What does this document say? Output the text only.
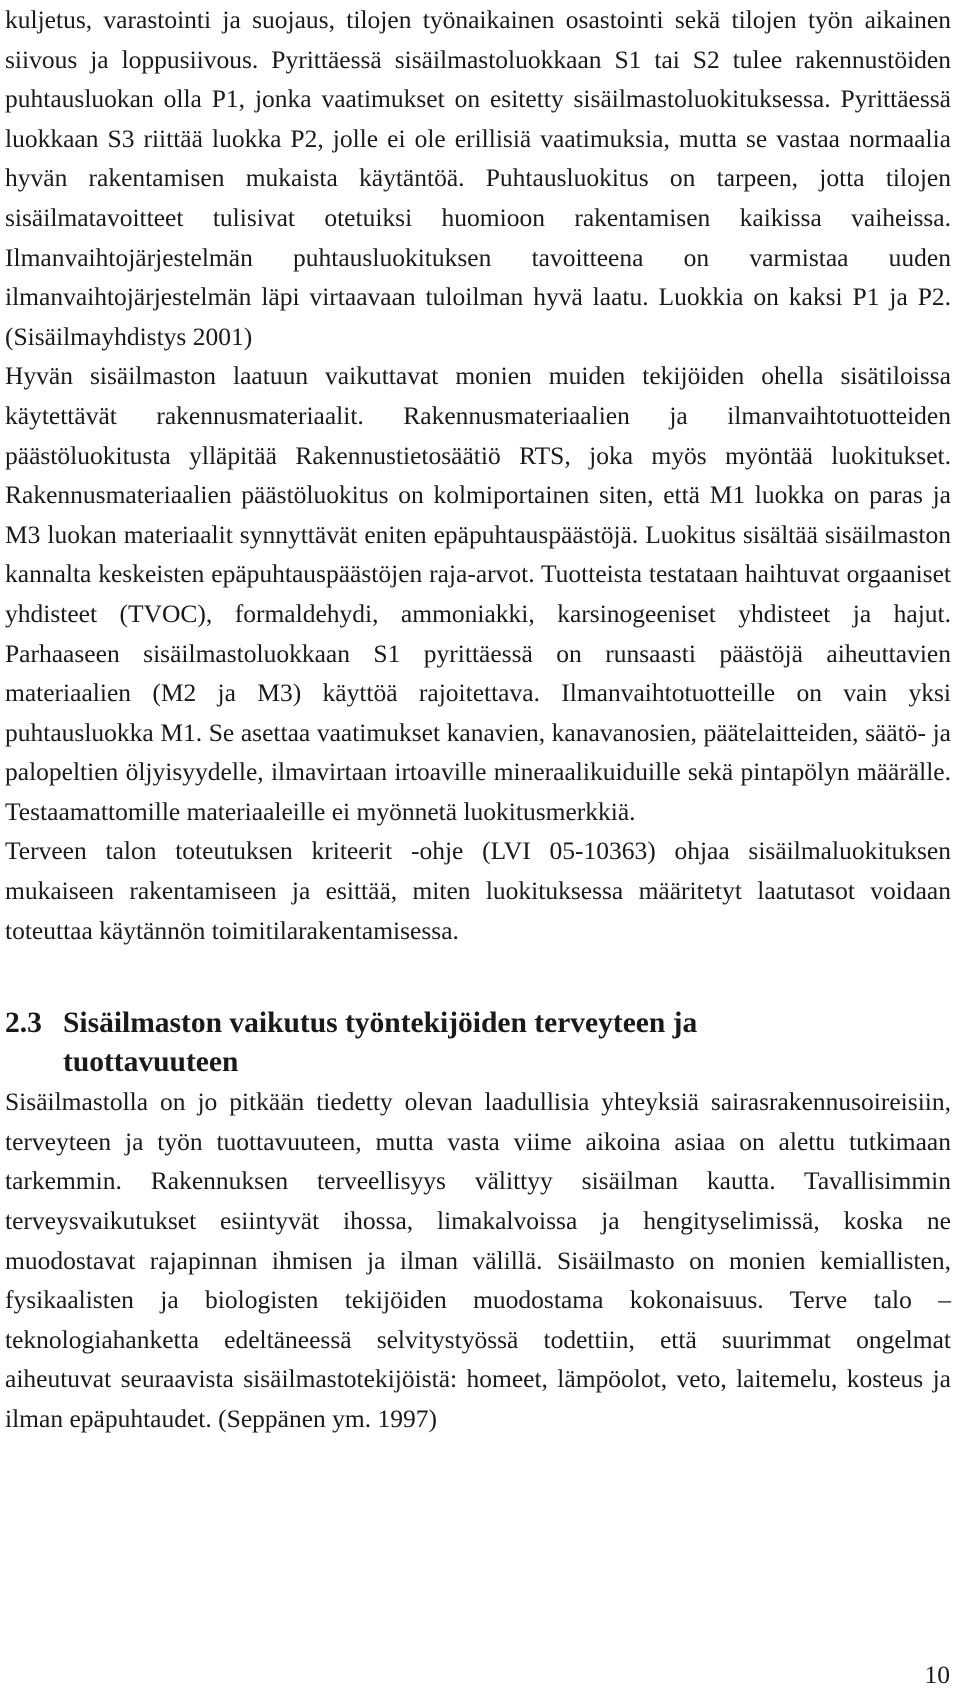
kuljetus, varastointi ja suojaus, tilojen työnaikainen osastointi sekä tilojen työn aikainen siivous ja loppusiivous. Pyrittäessä sisäilmastoluokkaan S1 tai S2 tulee rakennustöiden puhtausluokan olla P1, jonka vaatimukset on esitetty sisäilmastoluokituksessa. Pyrittäessä luokkaan S3 riittää luokka P2, jolle ei ole erillisiä vaatimuksia, mutta se vastaa normaalia hyvän rakentamisen mukaista käytäntöä. Puhtausluokitus on tarpeen, jotta tilojen sisäilmatavoitteet tulisivat otetuiksi huomioon rakentamisen kaikissa vaiheissa. Ilmanvaihtojärjestelmän puhtausluokituksen tavoitteena on varmistaa uuden ilmanvaihtojärjestelmän läpi virtaavaan tuloilman hyvä laatu. Luokkia on kaksi P1 ja P2. (Sisäilmayhdistys 2001)

Hyvän sisäilmaston laatuun vaikuttavat monien muiden tekijöiden ohella sisätiloissa käytettävät rakennusmateriaalit. Rakennusmateriaalien ja ilmanvaihtotuotteiden päästöluokitusta ylläpitää Rakennustietosäätiö RTS, joka myös myöntää luokitukset. Rakennusmateriaalien päästöluokitus on kolmiportainen siten, että M1 luokka on paras ja M3 luokan materiaalit synnyttävät eniten epäpuhtauspäästöjä. Luokitus sisältää sisäilmaston kannalta keskeisten epäpuhtauspäästöjen raja-arvot. Tuotteista testataan haihtuvat orgaaniset yhdisteet (TVOC), formaldehydi, ammoniakki, karsinogeeniset yhdisteet ja hajut. Parhaaseen sisäilmastoluokkaan S1 pyrittäessä on runsaasti päästöjä aiheuttavien materiaalien (M2 ja M3) käyttöä rajoitettava. Ilmanvaihtotuotteille on vain yksi puhtausluokka M1. Se asettaa vaatimukset kanavien, kanavanosien, päätelaitteiden, säätö- ja palopeltien öljyisyydelle, ilmavirtaan irtoaville mineraalikuiduille sekä pintapölyn määrälle. Testaamattomille materiaaleille ei myönnetä luokitusmerkkiä.

Terveen talon toteutuksen kriteerit -ohje (LVI 05-10363) ohjaa sisäilmaluokituksen mukaiseen rakentamiseen ja esittää, miten luokituksessa määritetyt laatutasot voidaan toteuttaa käytännön toimitilarakentamisessa.

2.3 Sisäilmaston vaikutus työntekijöiden terveyteen ja tuottavuuteen

Sisäilmastolla on jo pitkään tiedetty olevan laadullisia yhteyksiä sairasrakennusoireisiin, terveyteen ja työn tuottavuuteen, mutta vasta viime aikoina asiaa on alettu tutkimaan tarkemmin. Rakennuksen terveellisyys välittyy sisäilman kautta. Tavallisimmin terveysvaikutukset esiintyvät ihossa, limakalvoissa ja hengityselimissä, koska ne muodostavat rajapinnan ihmisen ja ilman välillä. Sisäilmasto on monien kemiallisten, fysikaalisten ja biologisten tekijöiden muodostama kokonaisuus. Terve talo –teknologiahanketta edeltäneessä selvitystyössä todettiin, että suurimmat ongelmat aiheutuvat seuraavista sisäilmastotekijöistä: homeet, lämpöolot, veto, laitemelu, kosteus ja ilman epäpuhtaudet. (Seppänen ym. 1997)

10
